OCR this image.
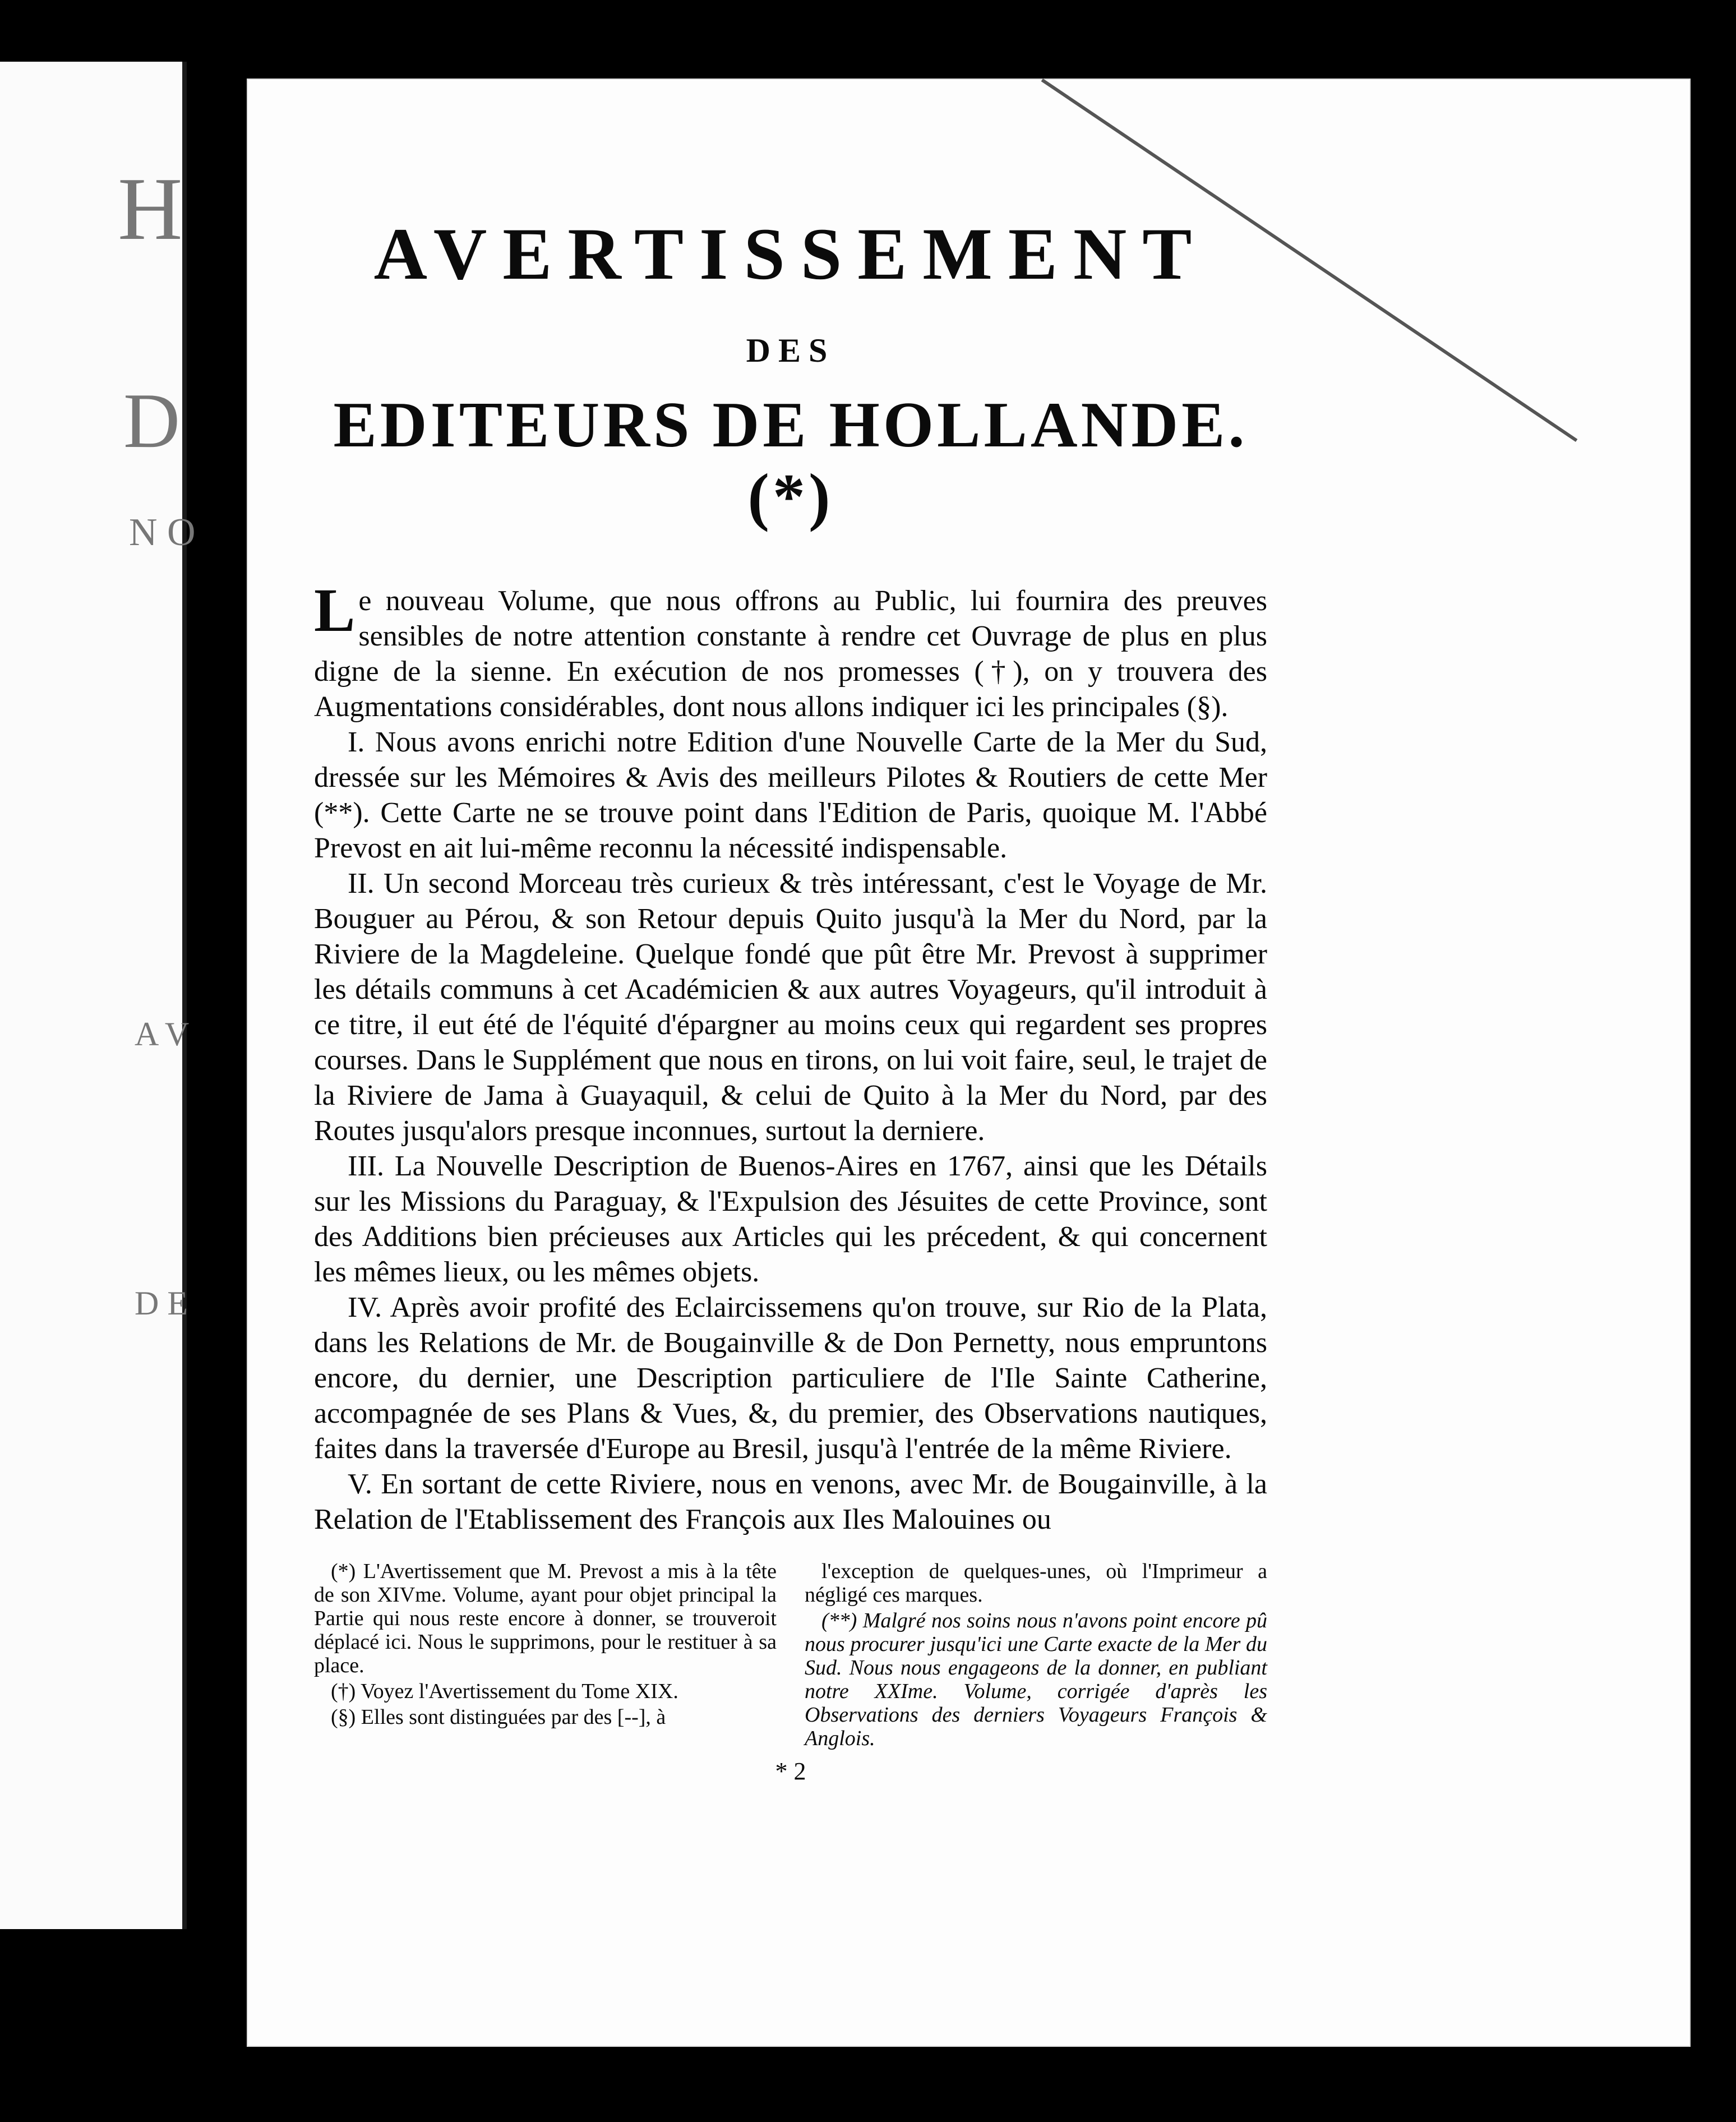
H
D
N O
A V
D E
AVERTISSEMENT
DES
EDITEURS DE HOLLANDE.(*)

Le nouveau Volume, que nous offrons au Public, lui fournira des preuves sensibles de notre attention constante à rendre cet Ouvrage de plus en plus digne de la sienne. En exécution de nos promesses (†), on y trouvera des Augmentations considérables, dont nous allons indiquer ici les principales (§).

I. Nous avons enrichi notre Edition d'une Nouvelle Carte de la Mer du Sud, dressée sur les Mémoires & Avis des meilleurs Pilotes & Routiers de cette Mer (**). Cette Carte ne se trouve point dans l'Edition de Paris, quoique M. l'Abbé Prevost en ait lui-même reconnu la nécessité indispensable.

II. Un second Morceau très curieux & très intéressant, c'est le Voyage de Mr. Bouguer au Pérou, & son Retour depuis Quito jusqu'à la Mer du Nord, par la Riviere de la Magdeleine. Quelque fondé que pût être Mr. Prevost à supprimer les détails communs à cet Académicien & aux autres Voyageurs, qu'il introduit à ce titre, il eut été de l'équité d'épargner au moins ceux qui regardent ses propres courses. Dans le Supplément que nous en tirons, on lui voit faire, seul, le trajet de la Riviere de Jama à Guayaquil, & celui de Quito à la Mer du Nord, par des Routes jusqu'alors presque inconnues, surtout la derniere.

III. La Nouvelle Description de Buenos-Aires en 1767, ainsi que les Détails sur les Missions du Paraguay, & l'Expulsion des Jésuites de cette Province, sont des Additions bien précieuses aux Articles qui les précedent, & qui concernent les mêmes lieux, ou les mêmes objets.

IV. Après avoir profité des Eclaircissemens qu'on trouve, sur Rio de la Plata, dans les Relations de Mr. de Bougainville & de Don Pernetty, nous empruntons encore, du dernier, une Description particuliere de l'Ile Sainte Catherine, accompagnée de ses Plans & Vues, &, du premier, des Observations nautiques, faites dans la traversée d'Europe au Bresil, jusqu'à l'entrée de la même Riviere.

V. En sortant de cette Riviere, nous en venons, avec Mr. de Bougainville, à la Relation de l'Etablissement des François aux Iles Malouines ou

(*) L'Avertissement que M. Prevost a mis à la tête de son XIVme. Volume, ayant pour objet principal la Partie qui nous reste encore à donner, se trouveroit déplacé ici. Nous le supprimons, pour le restituer à sa place.

(†) Voyez l'Avertissement du Tome XIX.

(§) Elles sont distinguées par des [--], à

l'exception de quelques-unes, où l'Imprimeur a négligé ces marques.

(**) Malgré nos soins nous n'avons point encore pû nous procurer jusqu'ici une Carte exacte de la Mer du Sud. Nous nous engageons de la donner, en publiant notre XXIme. Volume, corrigée d'après les Observations des derniers Voyageurs François & Anglois.

* 2
